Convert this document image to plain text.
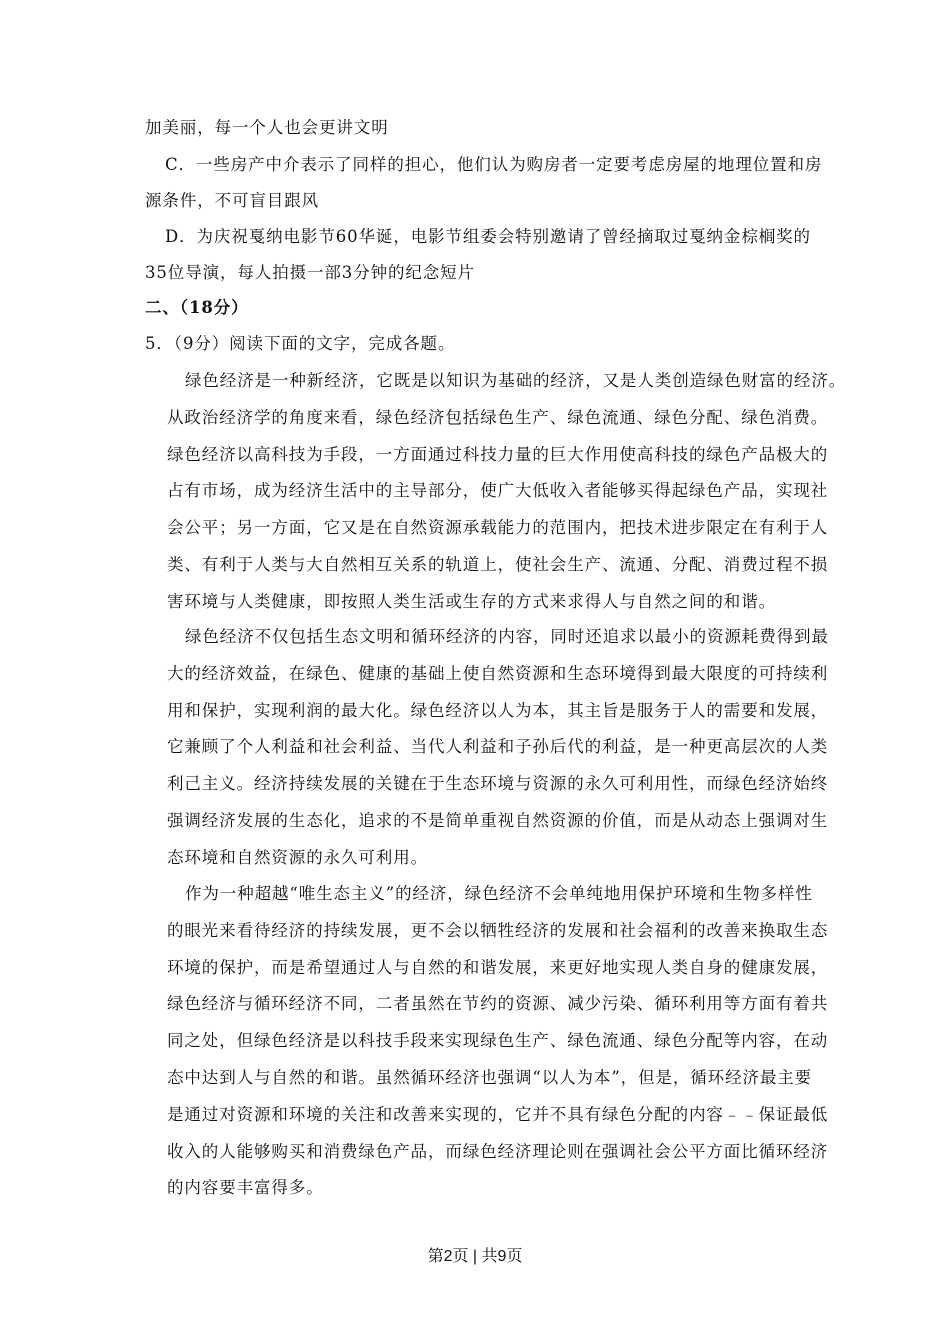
加美丽，每一个人也会更讲文明
C．一些房产中介表示了同样的担心，他们认为购房者一定要考虑房屋的地理位置和房
源条件，不可盲目跟风
D．为庆祝戛纳电影节60华诞，电影节组委会特别邀请了曾经摘取过戛纳金棕榈奖的
35位导演，每人拍摄一部3分钟的纪念短片
二、（18分）
5．（9分）阅读下面的文字，完成各题。
绿色经济是一种新经济，它既是以知识为基础的经济，又是人类创造绿色财富的经济。
从政治经济学的角度来看，绿色经济包括绿色生产、绿色流通、绿色分配、绿色消费。
绿色经济以高科技为手段，一方面通过科技力量的巨大作用使高科技的绿色产品极大的
占有市场，成为经济生活中的主导部分，使广大低收入者能够买得起绿色产品，实现社
会公平；另一方面，它又是在自然资源承载能力的范围内，把技术进步限定在有利于人
类、有利于人类与大自然相互关系的轨道上，使社会生产、流通、分配、消费过程不损
害环境与人类健康，即按照人类生活或生存的方式来求得人与自然之间的和谐。
绿色经济不仅包括生态文明和循环经济的内容，同时还追求以最小的资源耗费得到最
大的经济效益，在绿色、健康的基础上使自然资源和生态环境得到最大限度的可持续利
用和保护，实现利润的最大化。绿色经济以人为本，其主旨是服务于人的需要和发展，
它兼顾了个人利益和社会利益、当代人利益和子孙后代的利益，是一种更高层次的人类
利己主义。经济持续发展的关键在于生态环境与资源的永久可利用性，而绿色经济始终
强调经济发展的生态化，追求的不是简单重视自然资源的价值，而是从动态上强调对生
态环境和自然资源的永久可利用。
作为一种超越“唯生态主义”的经济，绿色经济不会单纯地用保护环境和生物多样性
的眼光来看待经济的持续发展，更不会以牺牲经济的发展和社会福利的改善来换取生态
环境的保护，而是希望通过人与自然的和谐发展，来更好地实现人类自身的健康发展，
绿色经济与循环经济不同，二者虽然在节约的资源、减少污染、循环利用等方面有着共
同之处，但绿色经济是以科技手段来实现绿色生产、绿色流通、绿色分配等内容，在动
态中达到人与自然的和谐。虽然循环经济也强调“以人为本”，但是，循环经济最主要
是通过对资源和环境的关注和改善来实现的，它并不具有绿色分配的内容﹣﹣保证最低
收入的人能够购买和消费绿色产品，而绿色经济理论则在强调社会公平方面比循环经济
的内容要丰富得多。
第2页 | 共9页
